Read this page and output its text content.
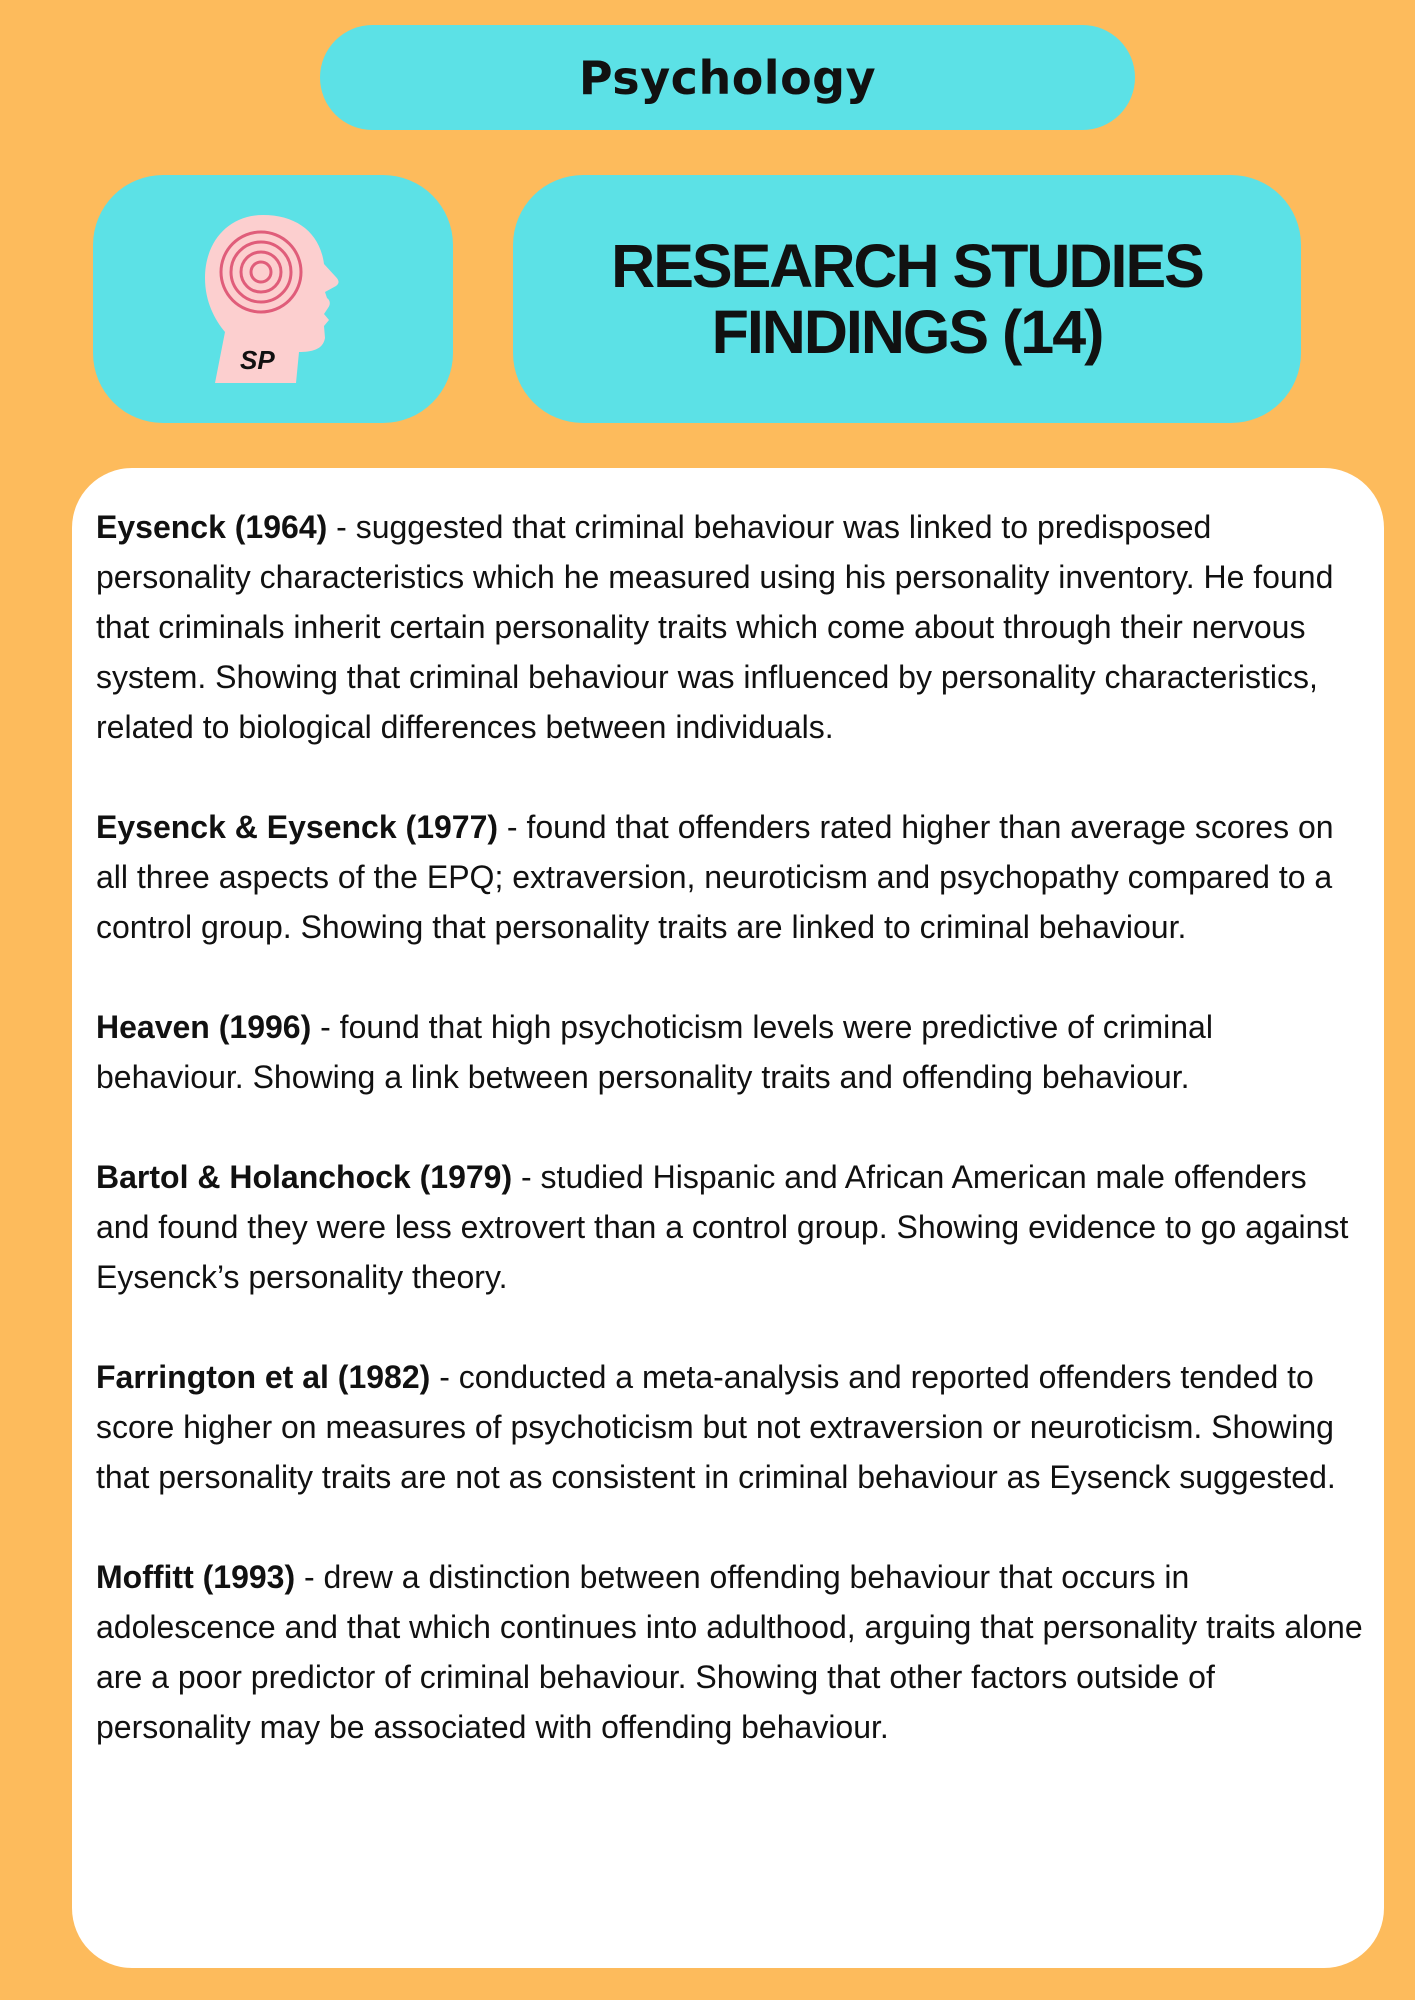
Psychology
SP
RESEARCH STUDIES
FINDINGS (14)

Eysenck (1964) - suggested that criminal behaviour was linked to predisposed personality characteristics which he measured using his personality inventory. He found that criminals inherit certain personality traits which come about through their nervous system. Showing that criminal behaviour was influenced by personality characteristics, related to biological differences between individuals.

Eysenck & Eysenck (1977) - found that offenders rated higher than average scores on all three aspects of the EPQ; extraversion, neuroticism and psychopathy compared to a control group. Showing that personality traits are linked to criminal behaviour.

Heaven (1996) - found that high psychoticism levels were predictive of criminal behaviour. Showing a link between personality traits and offending behaviour.

Bartol & Holanchock (1979) - studied Hispanic and African American male offenders and found they were less extrovert than a control group. Showing evidence to go against Eysenck’s personality theory.

Farrington et al (1982) - conducted a meta-analysis and reported offenders tended to score higher on measures of psychoticism but not extraversion or neuroticism. Showing that personality traits are not as consistent in criminal behaviour as Eysenck suggested.

Moffitt (1993) - drew a distinction between offending behaviour that occurs in adolescence and that which continues into adulthood, arguing that personality traits alone are a poor predictor of criminal behaviour. Showing that other factors outside of personality may be associated with offending behaviour.
